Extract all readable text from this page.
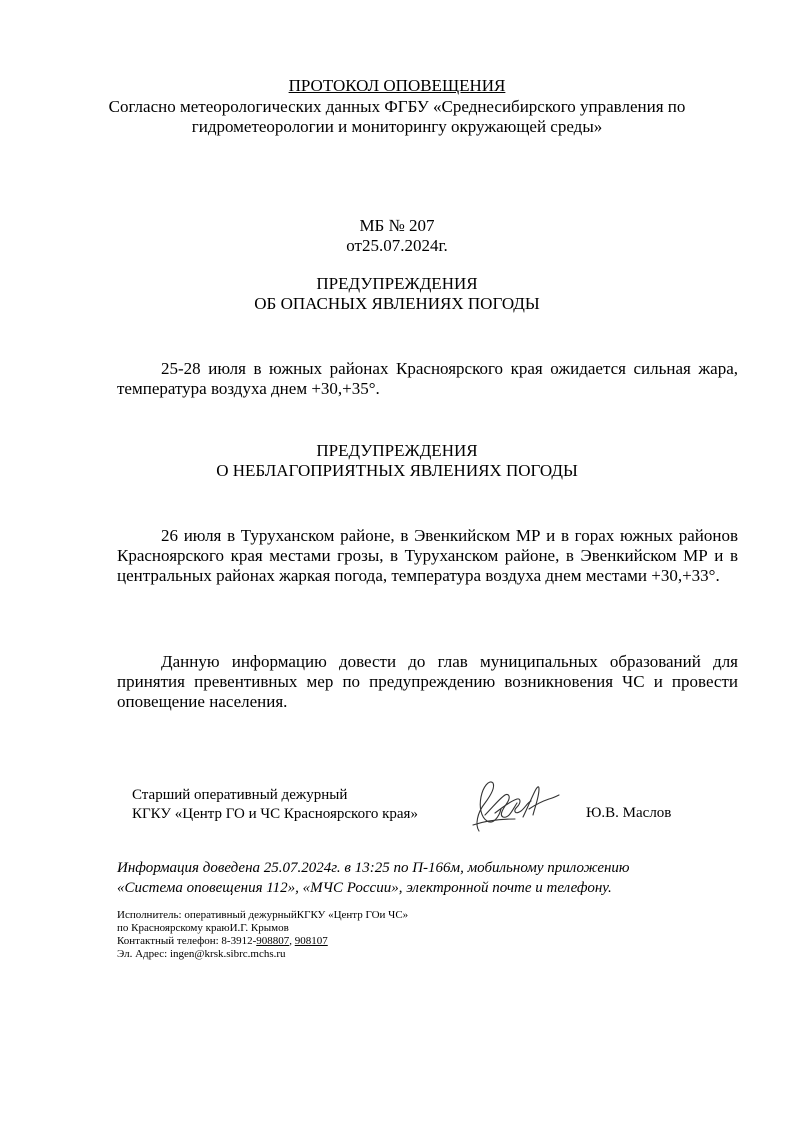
ПРОТОКОЛ ОПОВЕЩЕНИЯ
Согласно метеорологических данных ФГБУ «Среднесибирского управления по
гидрометеорологии и мониторингу окружающей среды»
МБ № 207
от25.07.2024г.
ПРЕДУПРЕЖДЕНИЯ
ОБ ОПАСНЫХ ЯВЛЕНИЯХ ПОГОДЫ
25-28 июля в южных районах Красноярского края ожидается сильная жара, температура воздуха днем +30,+35°.
ПРЕДУПРЕЖДЕНИЯ
О НЕБЛАГОПРИЯТНЫХ ЯВЛЕНИЯХ ПОГОДЫ
26 июля в Туруханском районе, в Эвенкийском МР и в горах южных районов Красноярского края местами грозы, в Туруханском районе, в Эвенкийском МР и в центральных районах жаркая погода, температура воздуха днем местами +30,+33°.
Данную информацию довести до глав муниципальных образований для принятия превентивных мер по предупреждению возникновения ЧС и провести оповещение населения.
Старший оперативный дежурный
КГКУ «Центр ГО и ЧС Красноярского края»	Ю.В. Маслов
Информация доведена 25.07.2024г. в 13:25 по П-166м, мобильному приложению
«Система оповещения 112», «МЧС России», электронной почте и телефону.
Исполнитель: оперативный дежурныйКГКУ «Центр ГОи ЧС»
по Красноярскому краюИ.Г. Крымов
Контактный телефон: 8-3912-908807, 908107
Эл. Адрес: ingen@krsk.sibrc.mchs.ru
